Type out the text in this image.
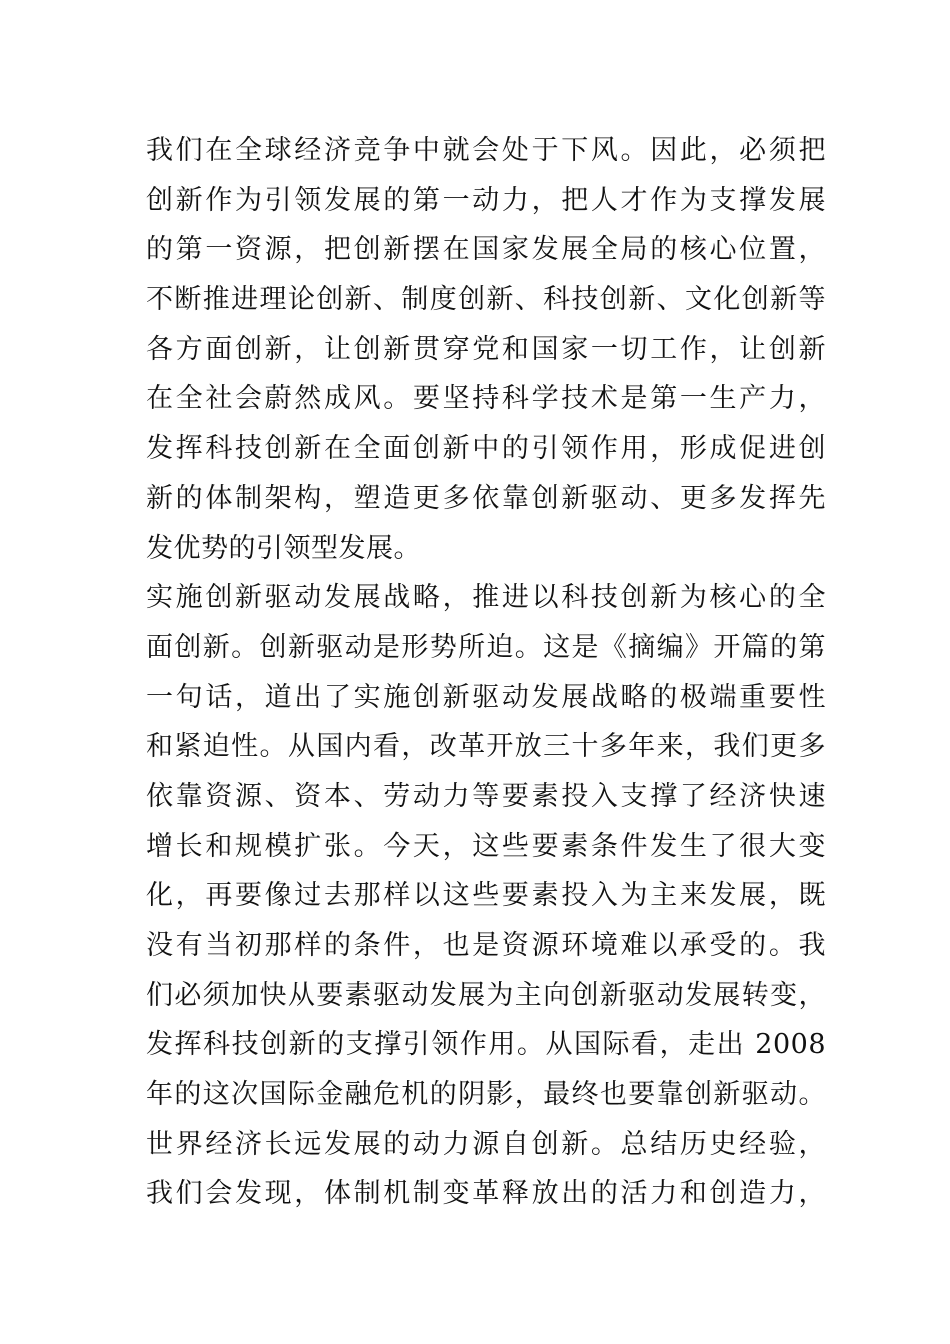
我们在全球经济竞争中就会处于下风。因此，必须把
创新作为引领发展的第一动力，把人才作为支撑发展
的第一资源，把创新摆在国家发展全局的核心位置，
不断推进理论创新、制度创新、科技创新、文化创新等
各方面创新，让创新贯穿党和国家一切工作，让创新
在全社会蔚然成风。要坚持科学技术是第一生产力，
发挥科技创新在全面创新中的引领作用，形成促进创
新的体制架构，塑造更多依靠创新驱动、更多发挥先
发优势的引领型发展。
实施创新驱动发展战略，推进以科技创新为核心的全
面创新。创新驱动是形势所迫。这是《摘编》开篇的第
一句话，道出了实施创新驱动发展战略的极端重要性
和紧迫性。从国内看，改革开放三十多年来，我们更多
依靠资源、资本、劳动力等要素投入支撑了经济快速
增长和规模扩张。今天，这些要素条件发生了很大变
化，再要像过去那样以这些要素投入为主来发展，既
没有当初那样的条件，也是资源环境难以承受的。我
们必须加快从要素驱动发展为主向创新驱动发展转变，
发挥科技创新的支撑引领作用。从国际看，走出 2008
年的这次国际金融危机的阴影，最终也要靠创新驱动。
世界经济长远发展的动力源自创新。总结历史经验，
我们会发现，体制机制变革释放出的活力和创造力，
